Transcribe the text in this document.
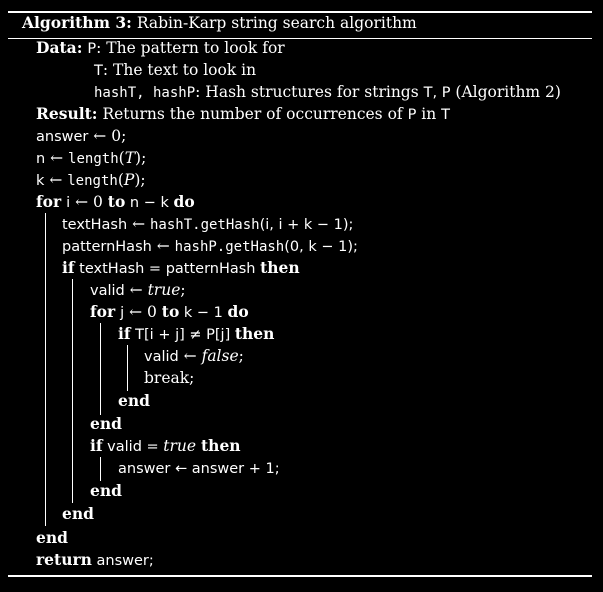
Algorithm 3: Rabin-Karp string search algorithm
Data: P: The pattern to look for
T: The text to look in
hashT, hashP: Hash structures for strings T, P (Algorithm 2)
Result: Returns the number of occurrences of P in T
answer ← 0;
n ← length(T);
k ← length(P);
for i ← 0 to n − k do
textHash ← hashT.getHash(i, i + k − 1);
patternHash ← hashP.getHash(0, k − 1);
if textHash = patternHash then
valid ← true;
for j ← 0 to k − 1 do
if T[i + j] ≠ P[j] then
valid ← false;
break;
end
end
if valid = true then
answer ← answer + 1;
end
end
end
return answer;
